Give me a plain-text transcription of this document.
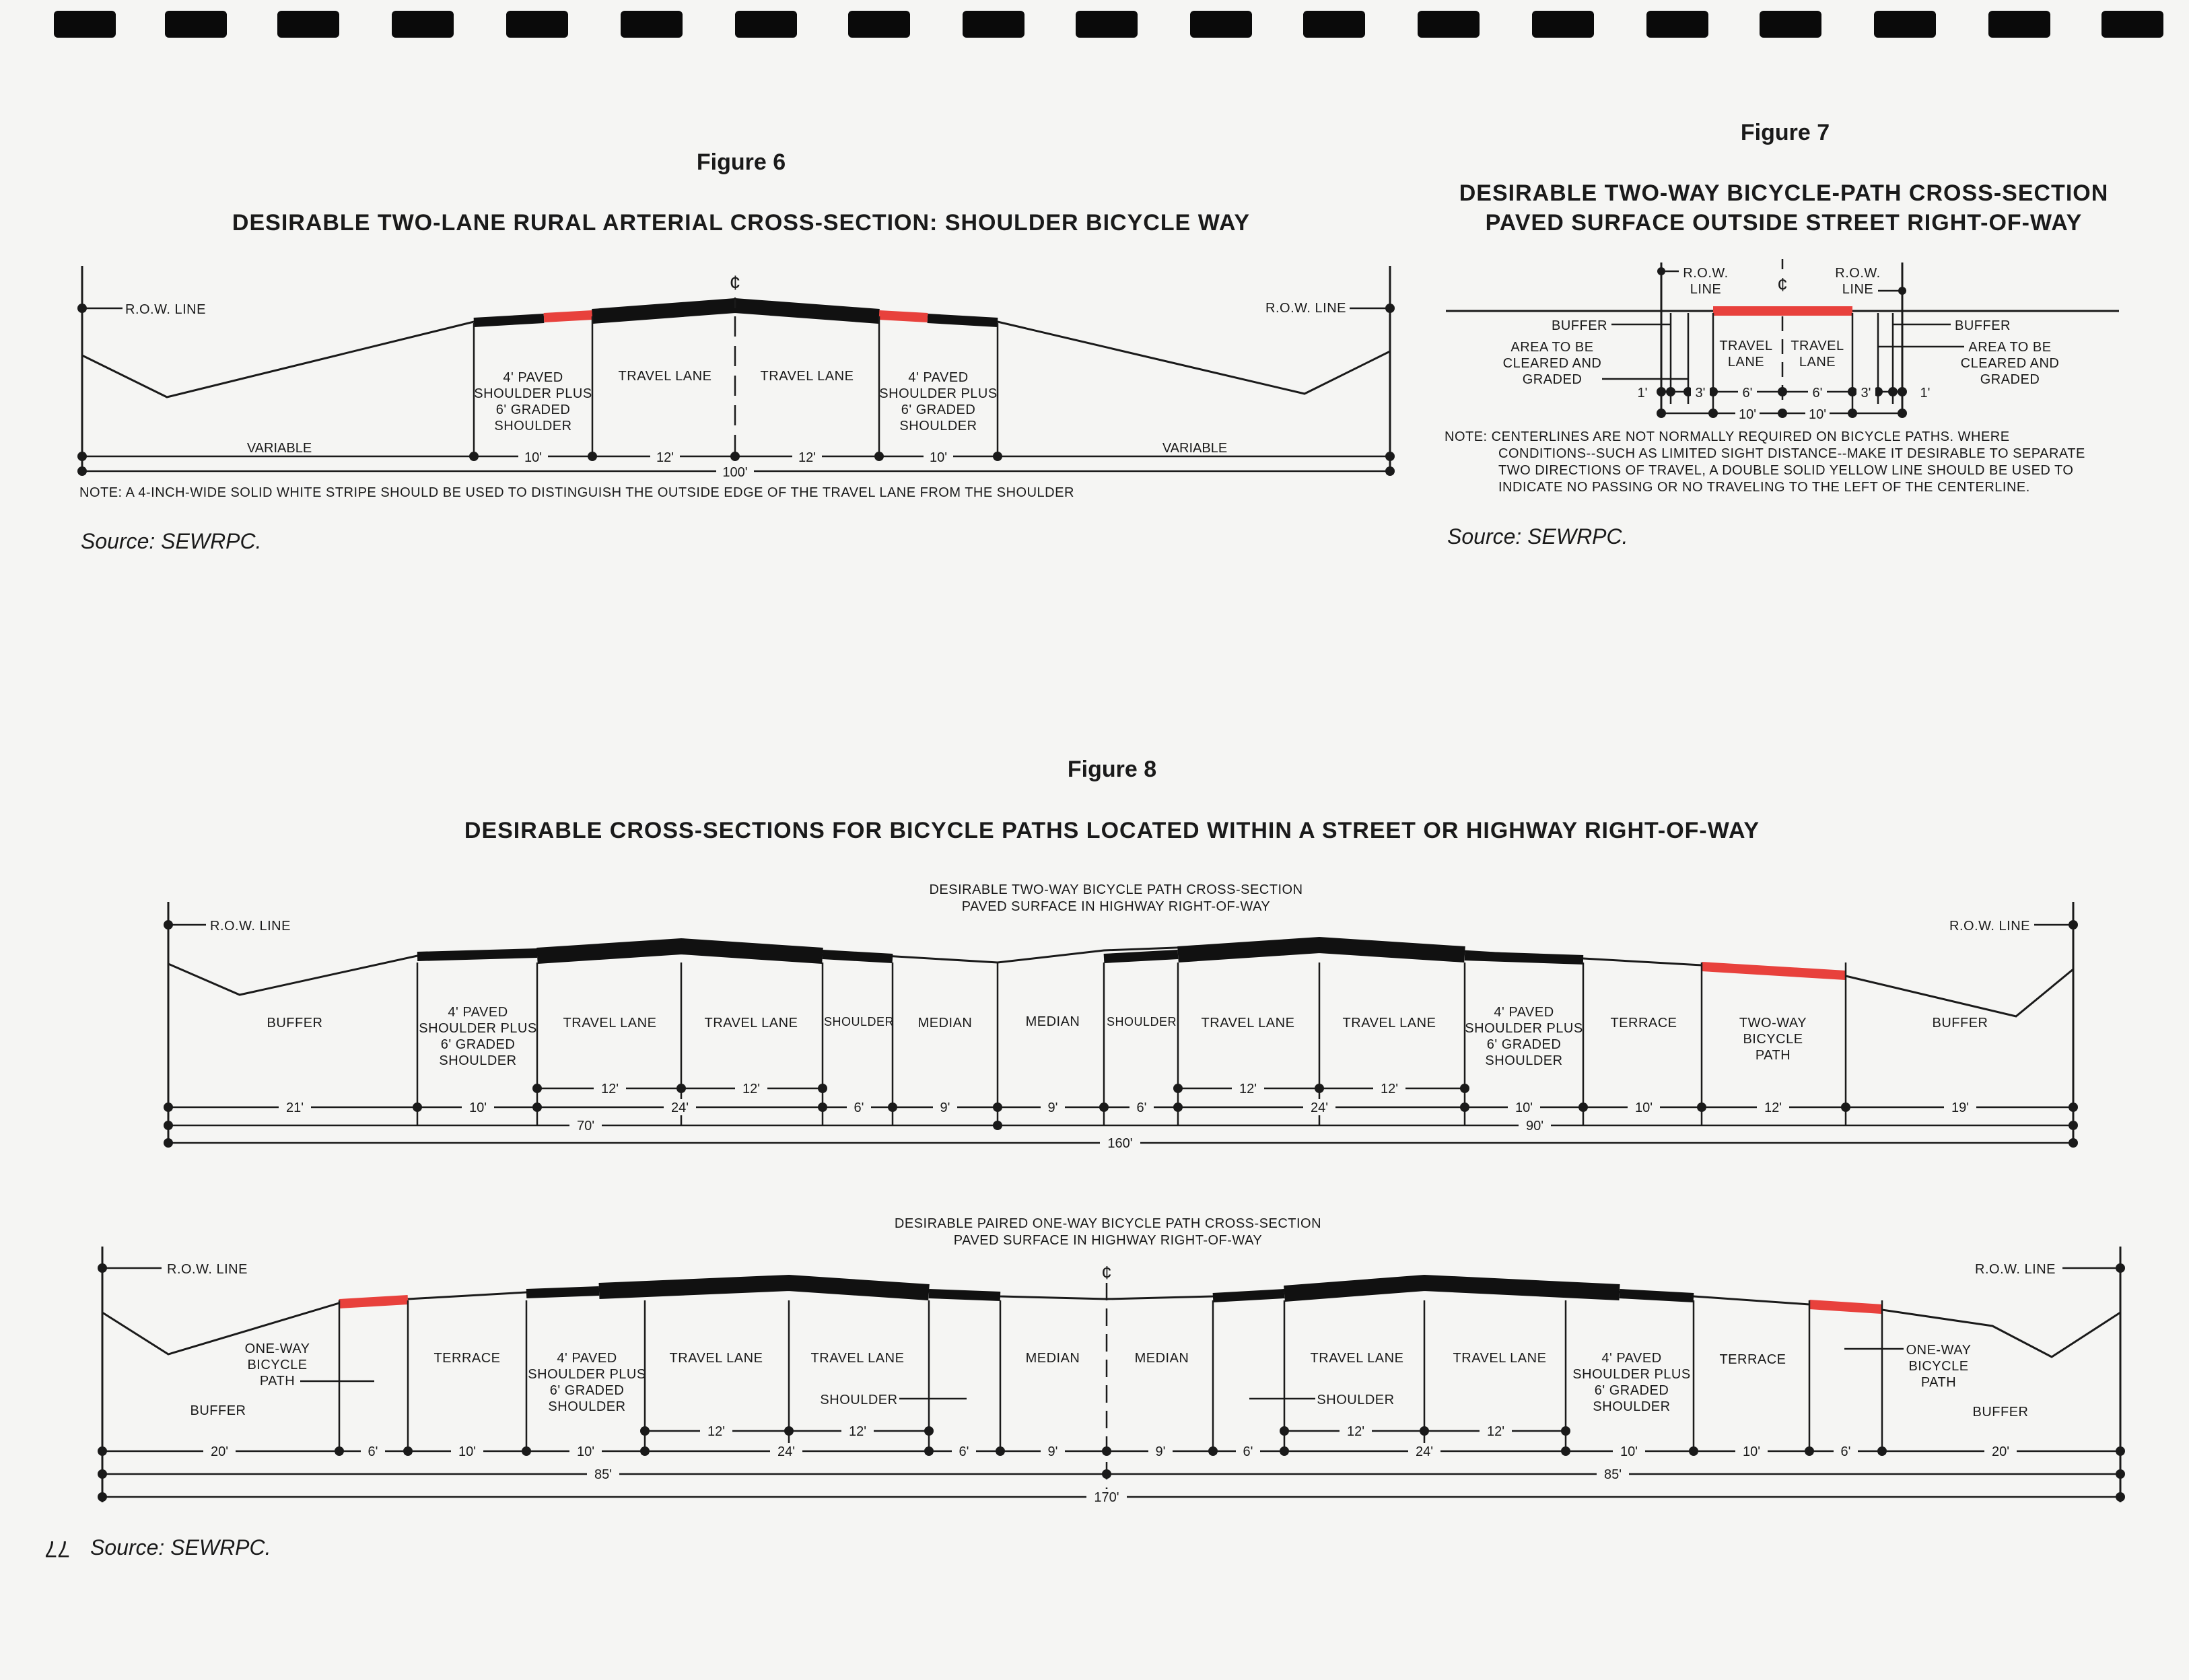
Figure 6
DESIRABLE TWO-LANE RURAL ARTERIAL CROSS-SECTION: SHOULDER BICYCLE WAY
R.O.W. LINE	R.O.W. LINE
¢
4' PAVED
SHOULDER PLUS
6' GRADED
SHOULDER
TRAVEL LANE	TRAVEL LANE	4' PAVED
SHOULDER PLUS
6' GRADED
SHOULDER
VARIABLE	VARIABLE
10'	12'	12'	10'
100'
NOTE: A 4-INCH-WIDE SOLID WHITE STRIPE SHOULD BE USED TO DISTINGUISH THE OUTSIDE EDGE OF THE TRAVEL LANE FROM THE SHOULDER
Source: SEWRPC.
Figure 7
DESIRABLE TWO-WAY BICYCLE-PATH CROSS-SECTION
PAVED SURFACE OUTSIDE STREET RIGHT-OF-WAY
¢
R.O.W.
LINE
R.O.W.
LINE
BUFFER
AREA TO BE
CLEARED AND
GRADED
BUFFER
AREA TO BE
CLEARED AND
GRADED
TRAVEL
LANE
TRAVEL
LANE
1'	3'	6'	6'	3'	1'
10'	10'
NOTE: CENTERLINES ARE NOT NORMALLY REQUIRED ON BICYCLE PATHS. WHERE
CONDITIONS--SUCH AS LIMITED SIGHT DISTANCE--MAKE IT DESIRABLE TO SEPARATE
TWO DIRECTIONS OF TRAVEL, A DOUBLE SOLID YELLOW LINE SHOULD BE USED TO
INDICATE NO PASSING OR NO TRAVELING TO THE LEFT OF THE CENTERLINE.
Source: SEWRPC.
Figure 8
DESIRABLE CROSS-SECTIONS FOR BICYCLE PATHS LOCATED WITHIN A STREET OR HIGHWAY RIGHT-OF-WAY
DESIRABLE TWO-WAY BICYCLE PATH CROSS-SECTION
PAVED SURFACE IN HIGHWAY RIGHT-OF-WAY
R.O.W. LINE	R.O.W. LINE
BUFFER
4' PAVED
SHOULDER PLUS
6' GRADED
SHOULDER
TRAVEL LANE	TRAVEL LANE SHOULDER MEDIAN	MEDIAN SHOULDER TRAVEL LANE	TRAVEL LANE
4' PAVED
SHOULDER PLUS
6' GRADED
SHOULDER
TERRACE	TWO-WAY
BICYCLE
PATH
BUFFER
12'	12'	12'	12'
21'	10'	24'	6'	9'	9'	6'	24'	10'	10'	12'	19'
70'	90'
160'
DESIRABLE PAIRED ONE-WAY BICYCLE PATH CROSS-SECTION
PAVED SURFACE IN HIGHWAY RIGHT-OF-WAY
R.O.W. LINE	R.O.W. LINE
¢
ONE-WAY
BICYCLE
PATH
BUFFER
TERRACE	4' PAVED
SHOULDER PLUS
6' GRADED
SHOULDER
TRAVEL LANE	TRAVEL LANE
SHOULDER
MEDIAN	MEDIAN	TRAVEL LANE	TRAVEL LANE
SHOULDER
4' PAVED
SHOULDER PLUS
6' GRADED
SHOULDER
TERRACE
ONE-WAY
BICYCLE
PATH
BUFFER
12'	12'	12'	12'
20'	6'	10'	10'	24'	6'	9'	9'	6'	24'	10'	10'	6'	20'
85'	85'
170'
Source: SEWRPC.
77
